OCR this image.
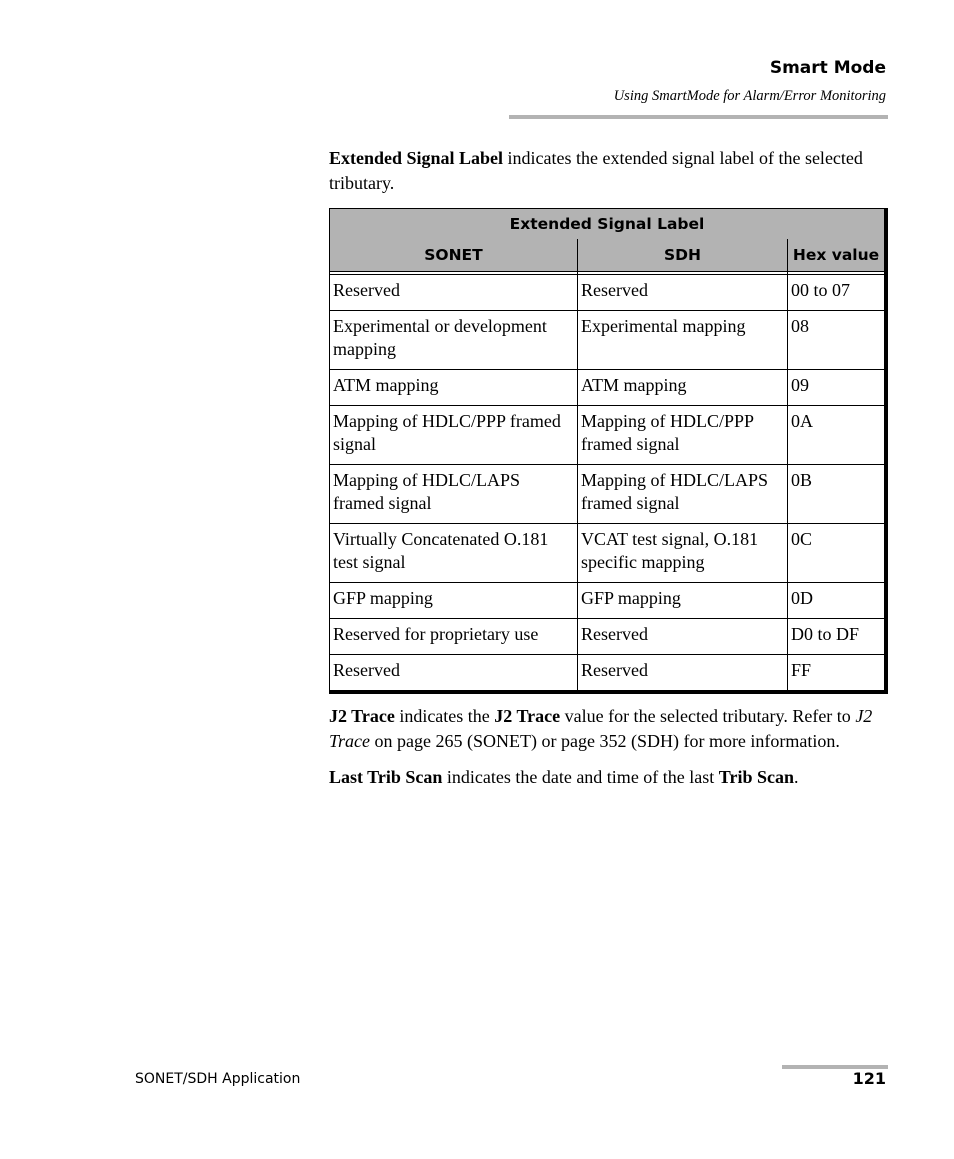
Smart Mode
Using SmartMode for Alarm/Error Monitoring

Extended Signal Label indicates the extended signal label of the selected tributary.

Extended Signal Label		
SONET	SDH	Hex value

Reserved	Reserved	00 to 07
Experimental or development mapping	Experimental mapping	08
ATM mapping	ATM mapping	09
Mapping of HDLC/PPP framed signal	Mapping of HDLC/PPP framed signal	0A
Mapping of HDLC/LAPS framed signal	Mapping of HDLC/LAPS framed signal	0B
Virtually Concatenated O.181 test signal	VCAT test signal, O.181 specific mapping	0C
GFP mapping	GFP mapping	0D
Reserved for proprietary use	Reserved	D0 to DF
Reserved	Reserved	FF

J2 Trace indicates the J2 Trace value for the selected tributary. Refer to J2 Trace on page 265 (SONET) or page 352 (SDH) for more information.

Last Trib Scan indicates the date and time of the last Trib Scan.

SONET/SDH Application	121
